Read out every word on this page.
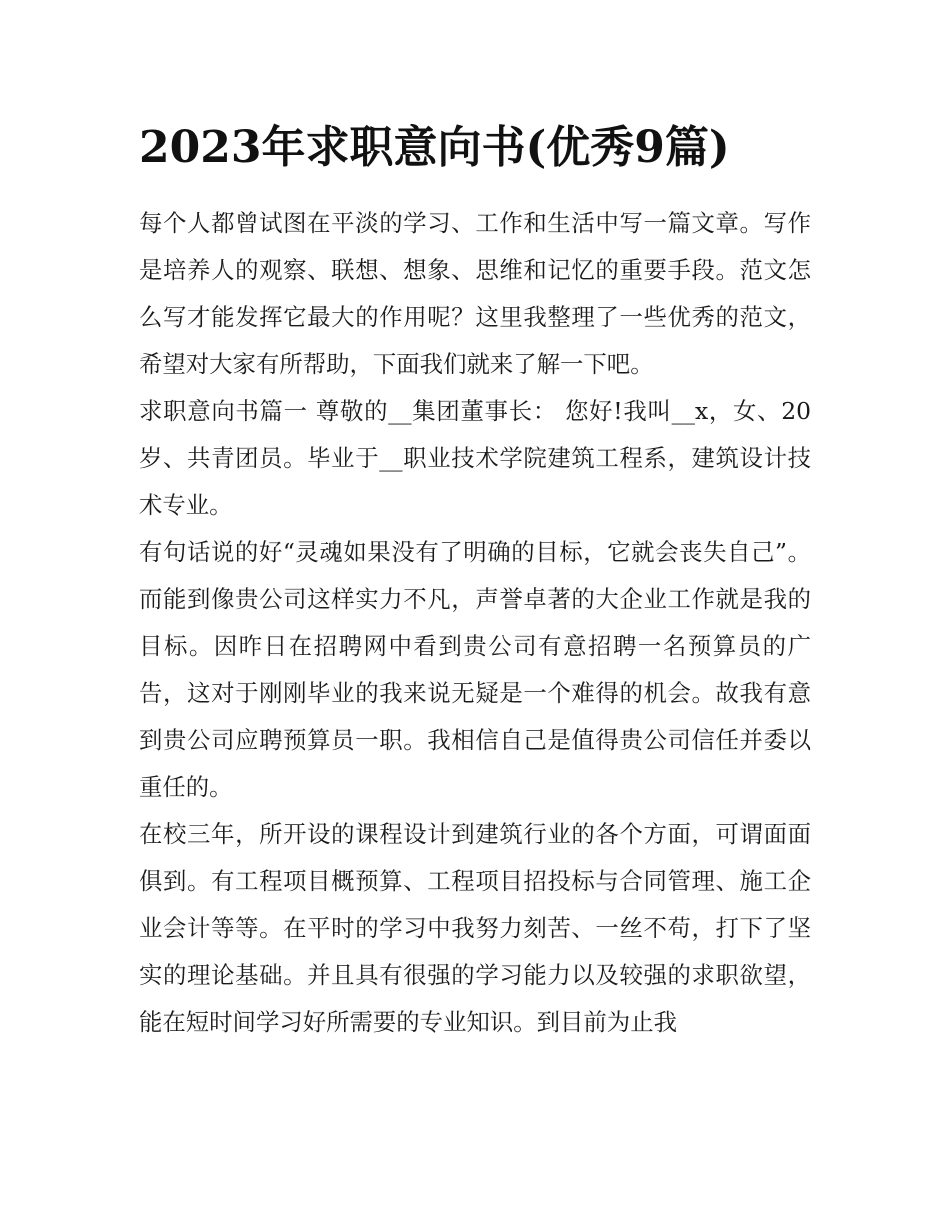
2023年求职意向书(优秀9篇)

每个人都曾试图在平淡的学习、工作和生活中写一篇文章。写作是培养人的观察、联想、想象、思维和记忆的重要手段。范文怎么写才能发挥它最大的作用呢？这里我整理了一些优秀的范文，希望对大家有所帮助，下面我们就来了解一下吧。

求职意向书篇一 尊敬的__集团董事长： 您好!我叫__x，女、20岁、共青团员。毕业于__职业技术学院建筑工程系，建筑设计技术专业。

有句话说的好“灵魂如果没有了明确的目标，它就会丧失自己”。而能到像贵公司这样实力不凡，声誉卓著的大企业工作就是我的目标。因昨日在招聘网中看到贵公司有意招聘一名预算员的广告，这对于刚刚毕业的我来说无疑是一个难得的机会。故我有意到贵公司应聘预算员一职。我相信自己是值得贵公司信任并委以重任的。

在校三年，所开设的课程设计到建筑行业的各个方面，可谓面面俱到。有工程项目概预算、工程项目招投标与合同管理、施工企业会计等等。在平时的学习中我努力刻苦、一丝不苟，打下了坚实的理论基础。并且具有很强的学习能力以及较强的求职欲望，能在短时间学习好所需要的专业知识。到目前为止我
